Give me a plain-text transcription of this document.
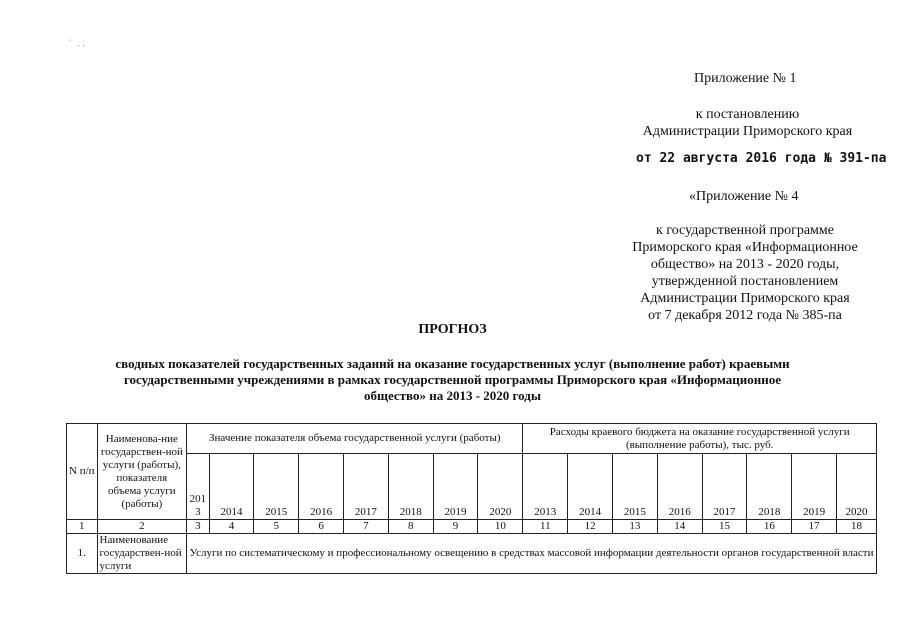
`   . .
Приложение № 1
к постановлению
Администрации Приморского края
от 22 августа 2016 года № 391-па
«Приложение № 4
к государственной программе
Приморского края «Информационное
общество» на 2013 - 2020 годы,
утвержденной постановлением
Администрации Приморского края
от 7 декабря 2012 года № 385-па
ПРОГНОЗ
сводных показателей государственных заданий на оказание государственных услуг (выполнение работ) краевыми
государственными учреждениями в рамках государственной программы Приморского края «Информационное
общество» на 2013 - 2020 годы
N п/п	Наименова-ние государствен-ной услуги (работы), показателя объема услуги (работы)	Значение показателя объема государственной услуги (работы)								Расходы краевого бюджета на оказание государственной услуги (выполнение работы), тыс. руб.							
		201 3	2014	2015	2016	2017	2018	2019	2020	2013	2014	2015	2016	2017	2018	2019	2020
1	2	3	4	5	6	7	8	9	10	11	12	13	14	15	16	17	18
1.	Наименование государствен-ной услуги	Услуги по систематическому и профессиональному освещению в средствах массовой информации деятельности органов государственной власти															
